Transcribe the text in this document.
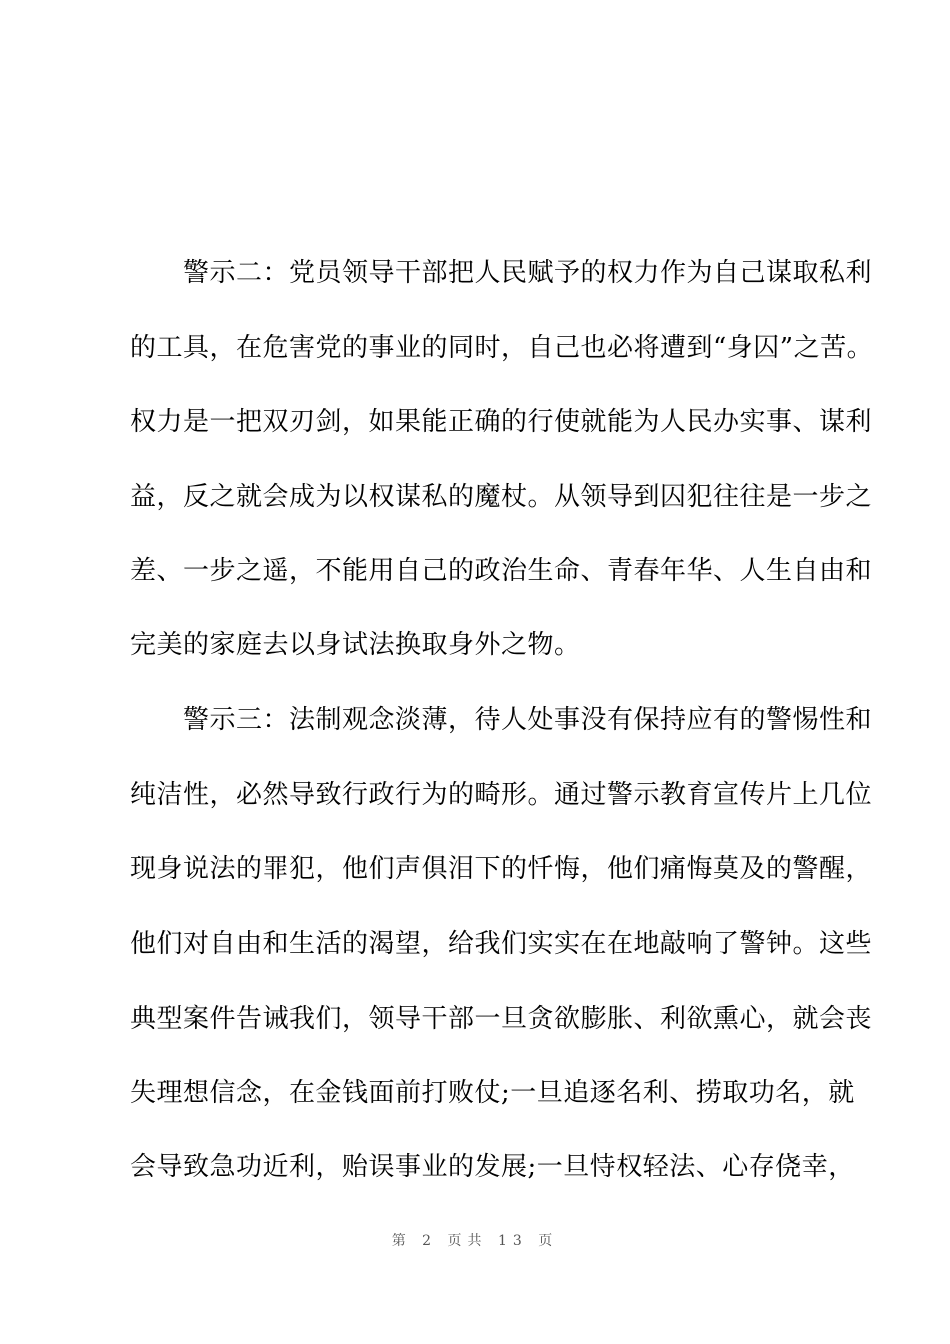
　　警示二：党员领导干部把人民赋予的权力作为自己谋取私利
的工具，在危害党的事业的同时，自己也必将遭到“身囚”之苦。
权力是一把双刃剑，如果能正确的行使就能为人民办实事、谋利
益，反之就会成为以权谋私的魔杖。从领导到囚犯往往是一步之
差、一步之遥，不能用自己的政治生命、青春年华、人生自由和
完美的家庭去以身试法换取身外之物。
　　警示三：法制观念淡薄，待人处事没有保持应有的警惕性和
纯洁性，必然导致行政行为的畸形。通过警示教育宣传片上几位
现身说法的罪犯，他们声俱泪下的忏悔，他们痛悔莫及的警醒，
他们对自由和生活的渴望，给我们实实在在地敲响了警钟。这些
典型案件告诫我们，领导干部一旦贪欲膨胀、利欲熏心，就会丧
失理想信念，在金钱面前打败仗;一旦追逐名利、捞取功名，就
会导致急功近利，贻误事业的发展;一旦恃权轻法、心存侥幸，
第 2 页共 13 页
